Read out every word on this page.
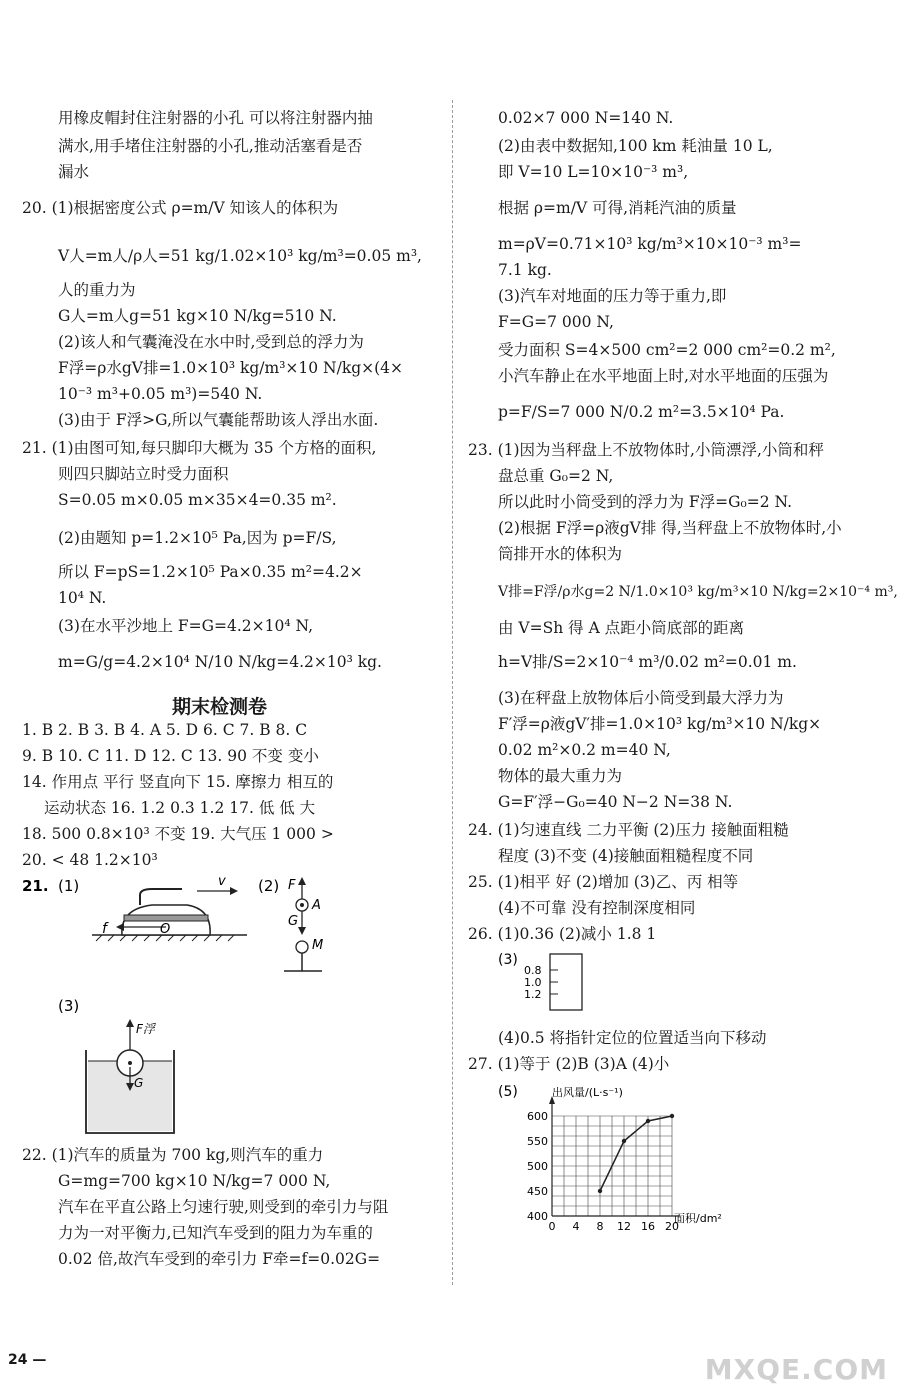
用橡皮帽封住注射器的小孔 可以将注射器内抽
满水,用手堵住注射器的小孔,推动活塞看是否
漏水
20. (1)根据密度公式 ρ=m/V 知该人的体积为
V人=m人/ρ人=51 kg/1.02×10³ kg/m³=0.05 m³,
人的重力为
G人=m人g=51 kg×10 N/kg=510 N.
(2)该人和气囊淹没在水中时,受到总的浮力为
F浮=ρ水gV排=1.0×10³ kg/m³×10 N/kg×(4×
10⁻³ m³+0.05 m³)=540 N.
(3)由于 F浮>G,所以气囊能帮助该人浮出水面.
21. (1)由图可知,每只脚印大概为 35 个方格的面积,
则四只脚站立时受力面积
S=0.05 m×0.05 m×35×4=0.35 m².
(2)由题知 p=1.2×10⁵ Pa,因为 p=F/S,
所以 F=pS=1.2×10⁵ Pa×0.35 m²=4.2×
10⁴ N.
(3)在水平沙地上 F=G=4.2×10⁴ N,
m=G/g=4.2×10⁴ N/10 N/kg=4.2×10³ kg.
期末检测卷
1. B 2. B 3. B 4. A 5. D 6. C 7. B 8. C
9. B 10. C 11. D 12. C 13. 90 不变 变小
14. 作用点 平行 竖直向下 15. 摩擦力 相互的
运动状态 16. 1.2 0.3 1.2 17. 低 低 大
18. 500 0.8×10³ 不变 19. 大气压 1 000 >
20. < 48 1.2×10³
21. (1)	v
f	O
(2) F
A
G
M
(3)
F浮
G
22. (1)汽车的质量为 700 kg,则汽车的重力
G=mg=700 kg×10 N/kg=7 000 N,
汽车在平直公路上匀速行驶,则受到的牵引力与阻
力为一对平衡力,已知汽车受到的阻力为车重的
0.02 倍,故汽车受到的牵引力 F牵=f=0.02G=
0.02×7 000 N=140 N.
(2)由表中数据知,100 km 耗油量 10 L,
即 V=10 L=10×10⁻³ m³,
根据 ρ=m/V 可得,消耗汽油的质量
m=ρV=0.71×10³ kg/m³×10×10⁻³ m³=
7.1 kg.
(3)汽车对地面的压力等于重力,即
F=G=7 000 N,
受力面积 S=4×500 cm²=2 000 cm²=0.2 m²,
小汽车静止在水平地面上时,对水平地面的压强为
p=F/S=7 000 N/0.2 m²=3.5×10⁴ Pa.
23. (1)因为当秤盘上不放物体时,小筒漂浮,小筒和秤
盘总重 G₀=2 N,
所以此时小筒受到的浮力为 F浮=G₀=2 N.
(2)根据 F浮=ρ液gV排 得,当秤盘上不放物体时,小
筒排开水的体积为
V排=F浮/ρ水g=2 N/1.0×10³ kg/m³×10 N/kg=2×10⁻⁴ m³,
由 V=Sh 得 A 点距小筒底部的距离
h=V排/S=2×10⁻⁴ m³/0.02 m²=0.01 m.
(3)在秤盘上放物体后小筒受到最大浮力为
F′浮=ρ液gV′排=1.0×10³ kg/m³×10 N/kg×
0.02 m²×0.2 m=40 N,
物体的最大重力为
G=F′浮−G₀=40 N−2 N=38 N.
24. (1)匀速直线 二力平衡 (2)压力 接触面粗糙
程度 (3)不变 (4)接触面粗糙程度不同
25. (1)相平 好 (2)增加 (3)乙、丙 相等
(4)不可靠 没有控制深度相同
26. (1)0.36 (2)减小 1.8 1
(3)
0.8
1.0
1.2
(4)0.5 将指针定位的位置适当向下移动
27. (1)等于 (2)B (3)A (4)小
(5)
0 4 8 12 16 20
400
450
500
550
600
出风量/(L·s⁻¹)
面积/dm²
24 —	MXQE.COM
